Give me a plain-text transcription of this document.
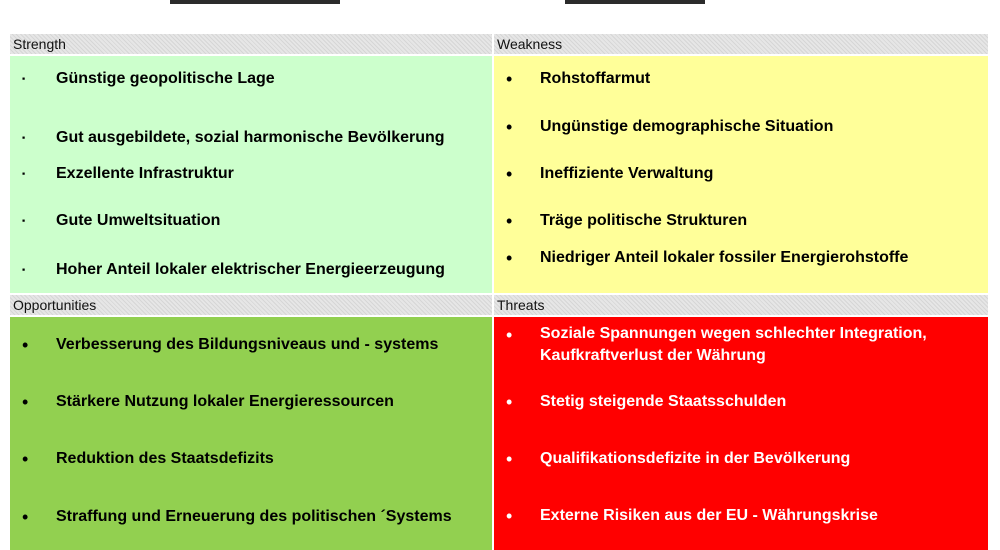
Strength
▪ Günstige geopolitische Lage
▪ Gut ausgebildete, sozial harmonische Bevölkerung
▪ Exzellente Infrastruktur
▪ Gute Umweltsituation
▪ Hoher Anteil lokaler elektrischer Energieerzeugung
Weakness
• Rohstoffarmut
• Ungünstige demographische Situation
• Ineffiziente Verwaltung
• Träge politische Strukturen
• Niedriger Anteil lokaler fossiler Energierohstoffe
Opportunities
• Verbesserung des Bildungsniveaus und - systems
• Stärkere Nutzung lokaler Energieressourcen
• Reduktion des Staatsdefizits
• Straffung und Erneuerung des politischen ´Systems
Threats
• Soziale Spannungen wegen schlechter Integration, Kaufkraftverlust der Währung
• Stetig steigende Staatsschulden
• Qualifikationsdefizite in der Bevölkerung
• Externe Risiken aus der EU - Währungskrise
